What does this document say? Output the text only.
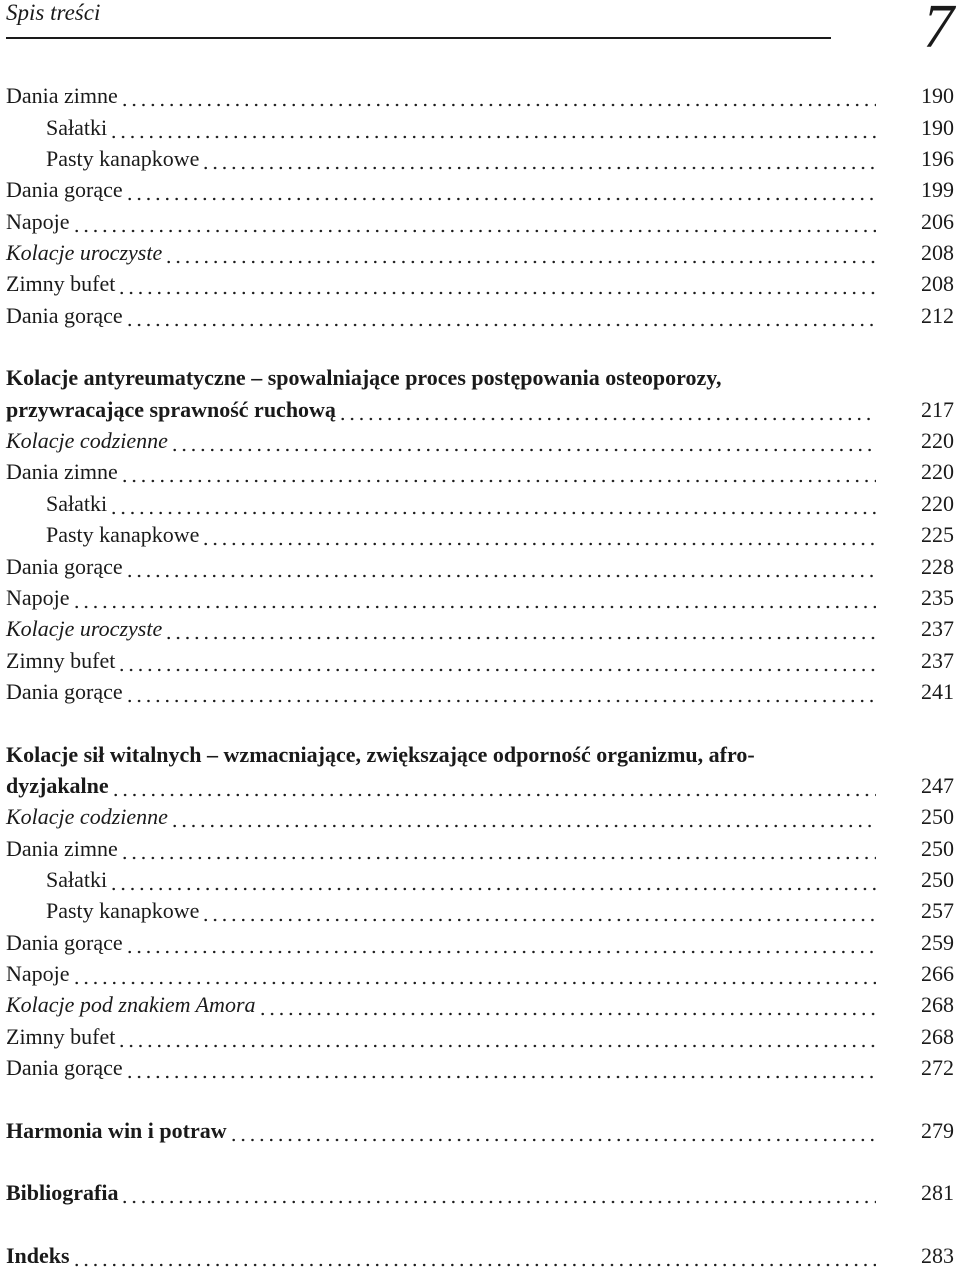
Spis treści	7
Dania zimne	190
Sałatki	190
Pasty kanapkowe	196
Dania gorące	199
Napoje	206
Kolacje uroczyste	208
Zimny bufet	208
Dania gorące	212
Kolacje antyreumatyczne – spowalniające proces postępowania osteoporozy,
przywracające sprawność ruchową	217
Kolacje codzienne	220
Dania zimne	220
Sałatki	220
Pasty kanapkowe	225
Dania gorące	228
Napoje	235
Kolacje uroczyste	237
Zimny bufet	237
Dania gorące	241
Kolacje sił witalnych – wzmacniające, zwiększające odporność organizmu, afro-
dyzjakalne	247
Kolacje codzienne	250
Dania zimne	250
Sałatki	250
Pasty kanapkowe	257
Dania gorące	259
Napoje	266
Kolacje pod znakiem Amora	268
Zimny bufet	268
Dania gorące	272
Harmonia win i potraw	279
Bibliografia	281
Indeks	283
